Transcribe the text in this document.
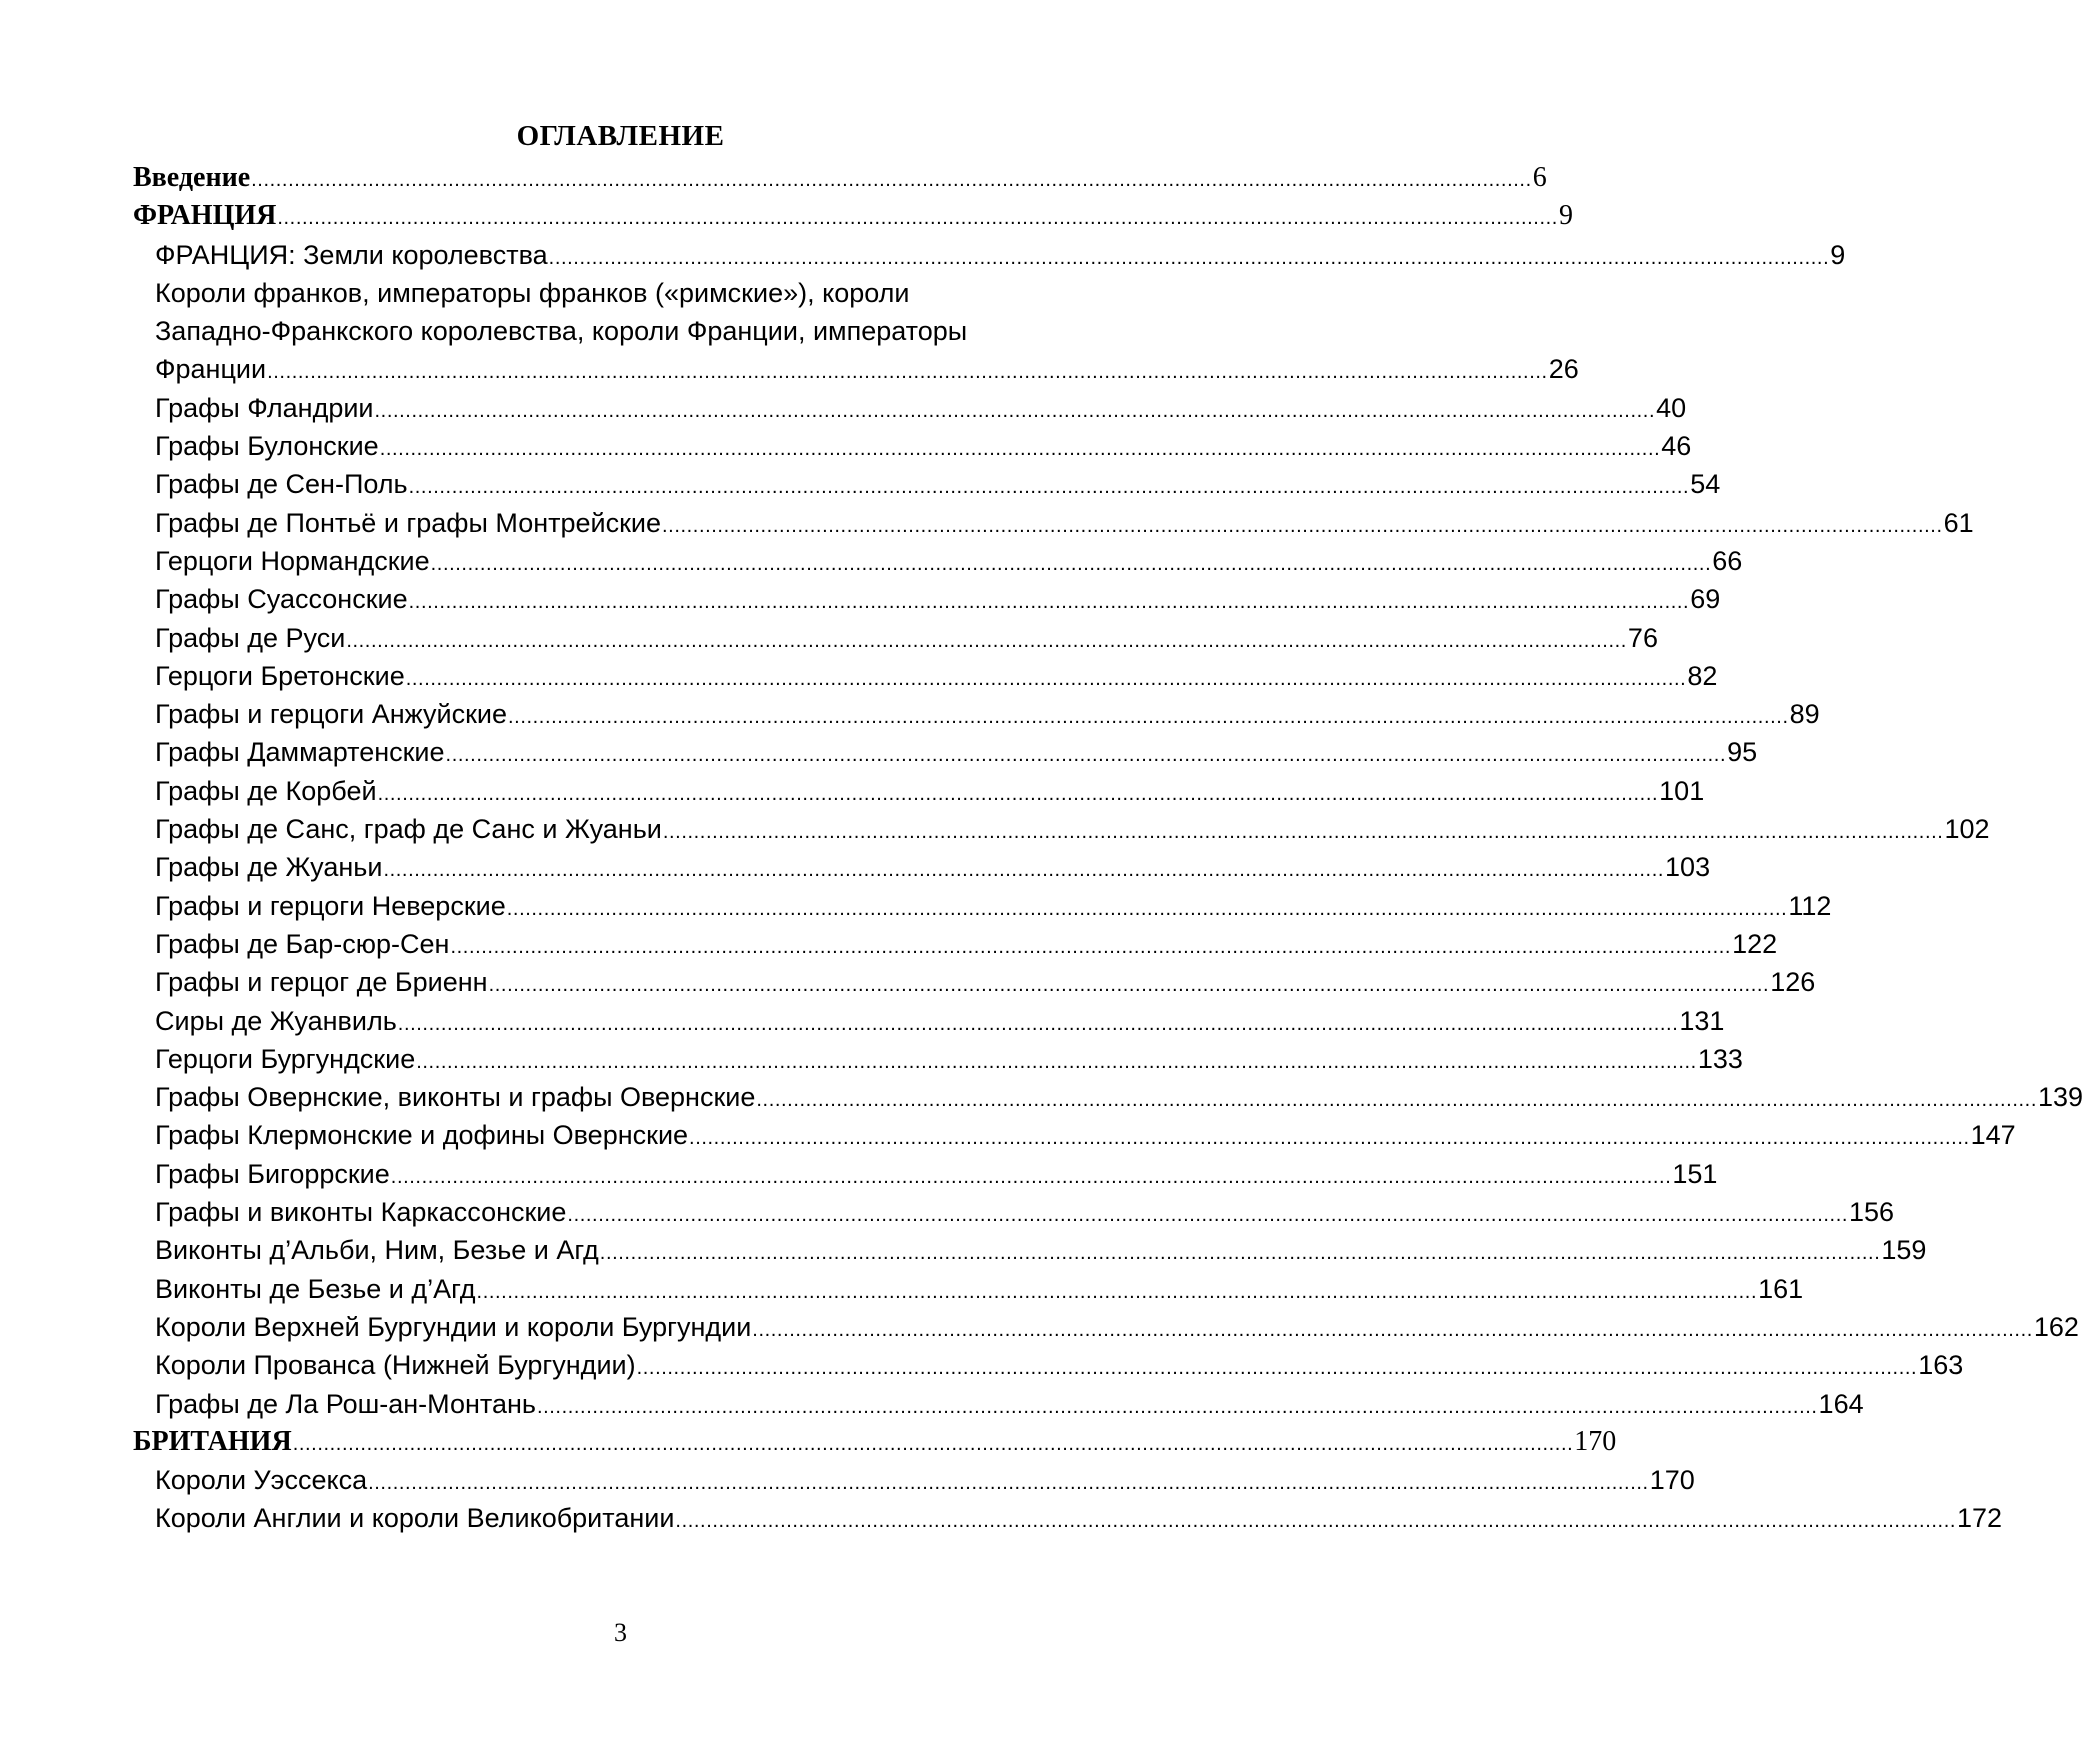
ОГЛАВЛЕНИЕ
Введение ................................................................................................................................................................................................................ 6
ФРАНЦИЯ ................................................................................................................................................................................................................ 9
ФРАНЦИЯ: Земли королевства ................................................................................................................................................................................................................ 9
Короли франков, императоры франков («римские»), короли
Западно-Франкского королевства, короли Франции, императоры
Франции ................................................................................................................................................................................................................ 26
Графы Фландрии ................................................................................................................................................................................................................ 40
Графы Булонские ................................................................................................................................................................................................................ 46
Графы де Сен-Поль ................................................................................................................................................................................................................ 54
Графы де Понтьё и графы Монтрейские ................................................................................................................................................................................................................ 61
Герцоги Нормандские ................................................................................................................................................................................................................ 66
Графы Суассонские ................................................................................................................................................................................................................ 69
Графы де Руси ................................................................................................................................................................................................................ 76
Герцоги Бретонские ................................................................................................................................................................................................................ 82
Графы и герцоги Анжуйские ................................................................................................................................................................................................................ 89
Графы Даммартенские ................................................................................................................................................................................................................ 95
Графы де Корбей ................................................................................................................................................................................................................ 101
Графы де Санс, граф де Санс и Жуаньи ................................................................................................................................................................................................................ 102
Графы де Жуаньи ................................................................................................................................................................................................................ 103
Графы и герцоги Неверские ................................................................................................................................................................................................................ 112
Графы де Бар-сюр-Сен ................................................................................................................................................................................................................ 122
Графы и герцог де Бриенн ................................................................................................................................................................................................................ 126
Сиры де Жуанвиль ................................................................................................................................................................................................................ 131
Герцоги Бургундские ................................................................................................................................................................................................................ 133
Графы Овернские, виконты и графы Овернские ................................................................................................................................................................................................................ 139
Графы Клермонские и дофины Овернские ................................................................................................................................................................................................................ 147
Графы Бигоррские ................................................................................................................................................................................................................ 151
Графы и виконты Каркассонские ................................................................................................................................................................................................................ 156
Виконты д’Альби, Ним, Безье и Агд ................................................................................................................................................................................................................ 159
Виконты де Безье и д’Агд ................................................................................................................................................................................................................ 161
Короли Верхней Бургундии и короли Бургундии ................................................................................................................................................................................................................ 162
Короли Прованса (Нижней Бургундии) ................................................................................................................................................................................................................ 163
Графы де Ла Рош-ан-Монтань ................................................................................................................................................................................................................ 164
БРИТАНИЯ ................................................................................................................................................................................................................ 170
Короли Уэссекса ................................................................................................................................................................................................................ 170
Короли Англии и короли Великобритании ................................................................................................................................................................................................................ 172
3
